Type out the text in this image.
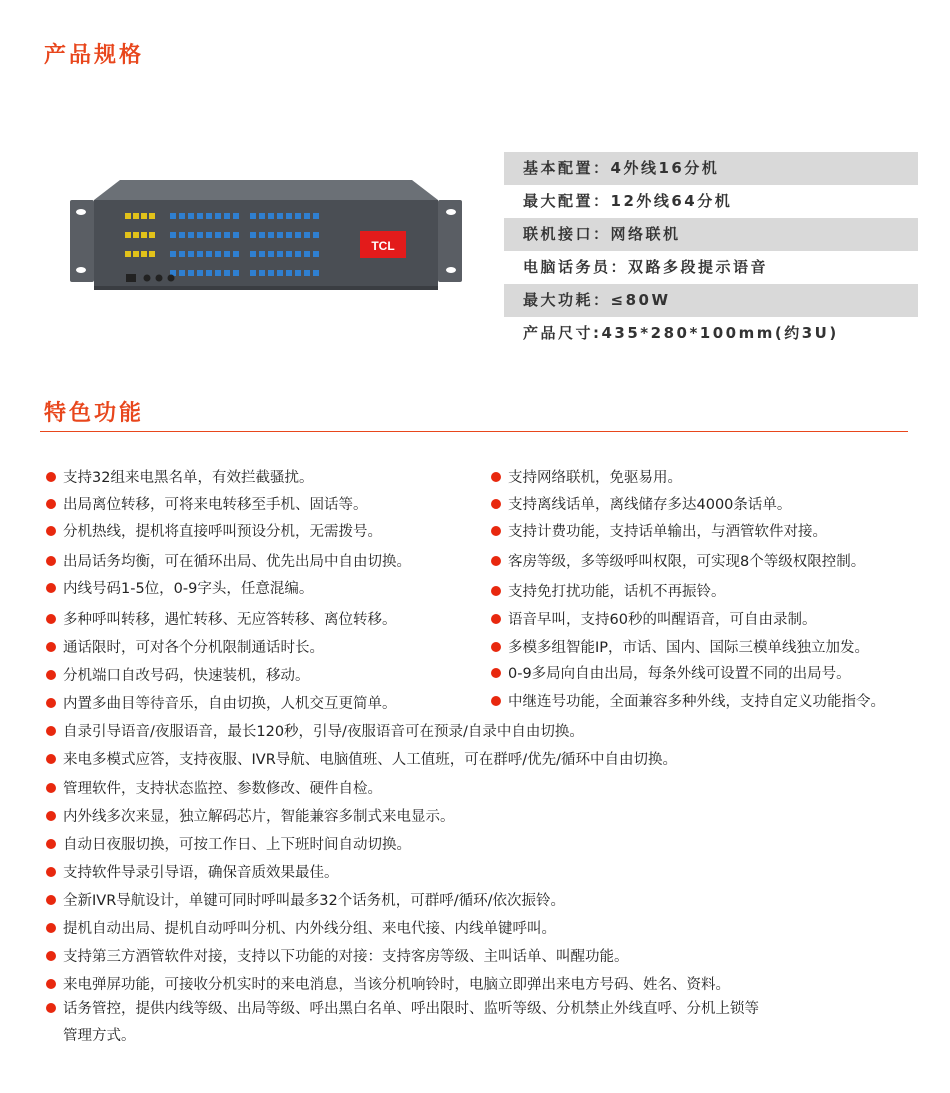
产品规格
TCL
基本配置：4外线16分机
最大配置：12外线64分机
联机接口：网络联机
电脑话务员：双路多段提示语音
最大功耗：≤80W
产品尺寸:435*280*100mm(约3U)
特色功能
支持32组来电黑名单，有效拦截骚扰。
出局离位转移，可将来电转移至手机、固话等。
分机热线，提机将直接呼叫预设分机，无需拨号。
出局话务均衡，可在循环出局、优先出局中自由切换。
内线号码1-5位，0-9字头，任意混编。
多种呼叫转移，遇忙转移、无应答转移、离位转移。
通话限时，可对各个分机限制通话时长。
分机端口自改号码，快速装机，移动。
内置多曲目等待音乐，自由切换，人机交互更简单。
支持网络联机，免驱易用。
支持离线话单，离线储存多达4000条话单。
支持计费功能，支持话单输出，与酒管软件对接。
客房等级，多等级呼叫权限，可实现8个等级权限控制。
支持免打扰功能，话机不再振铃。
语音早叫，支持60秒的叫醒语音，可自由录制。
多模多组智能IP，市话、国内、国际三模单线独立加发。
0-9多局向自由出局，每条外线可设置不同的出局号。
中继连号功能，全面兼容多种外线，支持自定义功能指令。
自录引导语音/夜服语音，最长120秒，引导/夜服语音可在预录/自录中自由切换。
来电多模式应答，支持夜服、IVR导航、电脑值班、人工值班，可在群呼/优先/循环中自由切换。
管理软件，支持状态监控、参数修改、硬件自检。
内外线多次来显，独立解码芯片，智能兼容多制式来电显示。
自动日夜服切换，可按工作日、上下班时间自动切换。
支持软件导录引导语，确保音质效果最佳。
全新IVR导航设计，单键可同时呼叫最多32个话务机，可群呼/循环/依次振铃。
提机自动出局、提机自动呼叫分机、内外线分组、来电代接、内线单键呼叫。
支持第三方酒管软件对接，支持以下功能的对接：支持客房等级、主叫话单、叫醒功能。
来电弹屏功能，可接收分机实时的来电消息，当该分机响铃时，电脑立即弹出来电方号码、姓名、资料。
话务管控，提供内线等级、出局等级、呼出黑白名单、呼出限时、监听等级、分机禁止外线直呼、分机上锁等
管理方式。
